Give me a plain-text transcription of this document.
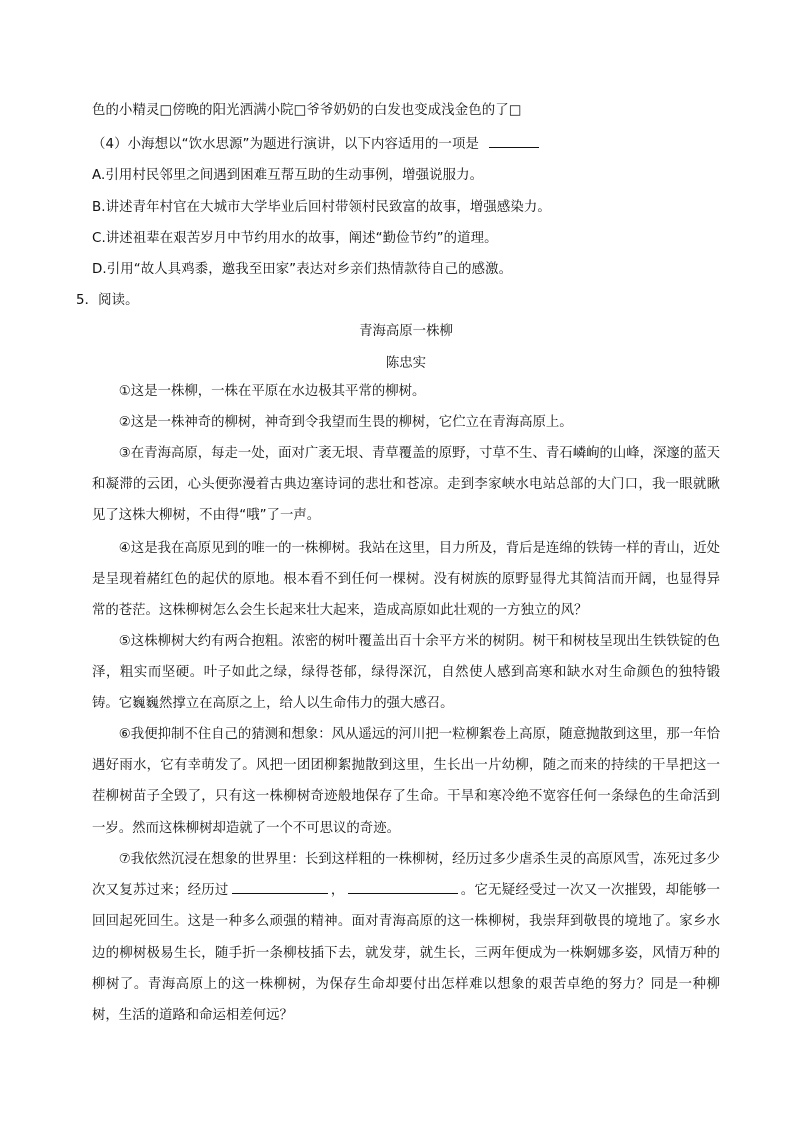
色的小精灵□傍晚的阳光洒满小院□爷爷奶奶的白发也变成浅金色的了□
（4）小海想以“饮水思源”为题进行演讲，以下内容适用的一项是
A.引用村民邻里之间遇到困难互帮互助的生动事例，增强说服力。
B.讲述青年村官在大城市大学毕业后回村带领村民致富的故事，增强感染力。
C.讲述祖辈在艰苦岁月中节约用水的故事，阐述“勤俭节约”的道理。
D.引用“故人具鸡黍，邀我至田家”表达对乡亲们热情款待自己的感激。
5．阅读。
青海高原一株柳
陈忠实
①这是一株柳，一株在平原在水边极其平常的柳树。
②这是一株神奇的柳树，神奇到令我望而生畏的柳树，它伫立在青海高原上。
③在青海高原，每走一处，面对广袤无垠、青草覆盖的原野，寸草不生、青石嶙峋的山峰，深邃的蓝天和凝滞的云团，心头便弥漫着古典边塞诗词的悲壮和苍凉。走到李家峡水电站总部的大门口，我一眼就瞅见了这株大柳树，不由得“哦”了一声。
④这是我在高原见到的唯一的一株柳树。我站在这里，目力所及，背后是连绵的铁铸一样的青山，近处是呈现着赭红色的起伏的原地。根本看不到任何一棵树。没有树族的原野显得尤其简洁而开阔，也显得异常的苍茫。这株柳树怎么会生长起来壮大起来，造成高原如此壮观的一方独立的风？
⑤这株柳树大约有两合抱粗。浓密的树叶覆盖出百十余平方米的树阴。树干和树枝呈现出生铁铁锭的色泽，粗实而坚硬。叶子如此之绿，绿得苍郁，绿得深沉，自然使人感到高寒和缺水对生命颜色的独特锻铸。它巍巍然撑立在高原之上，给人以生命伟力的强大感召。
⑥我便抑制不住自己的猜测和想象：风从遥远的河川把一粒柳絮卷上高原，随意抛散到这里，那一年恰遇好雨水，它有幸萌发了。风把一团团柳絮抛散到这里，生长出一片幼柳，随之而来的持续的干旱把这一茬柳树苗子全毁了，只有这一株柳树奇迹般地保存了生命。干旱和寒冷绝不宽容任何一条绿色的生命活到一岁。然而这株柳树却造就了一个不可思议的奇迹。
⑦我依然沉浸在想象的世界里：长到这样粗的一株柳树，经历过多少虐杀生灵的高原风雪，冻死过多少次又复苏过来；经历过	，	。它无疑经受过一次又一次摧毁，却能够一回回起死回生。这是一种多么顽强的精神。面对青海高原的这一株柳树，我崇拜到敬畏的境地了。家乡水边的柳树极易生长，随手折一条柳枝插下去，就发芽，就生长，三两年便成为一株婀娜多姿，风情万种的柳树了。青海高原上的这一株柳树，为保存生命却要付出怎样难以想象的艰苦卓绝的努力？同是一种柳树，生活的道路和命运相差何远？
